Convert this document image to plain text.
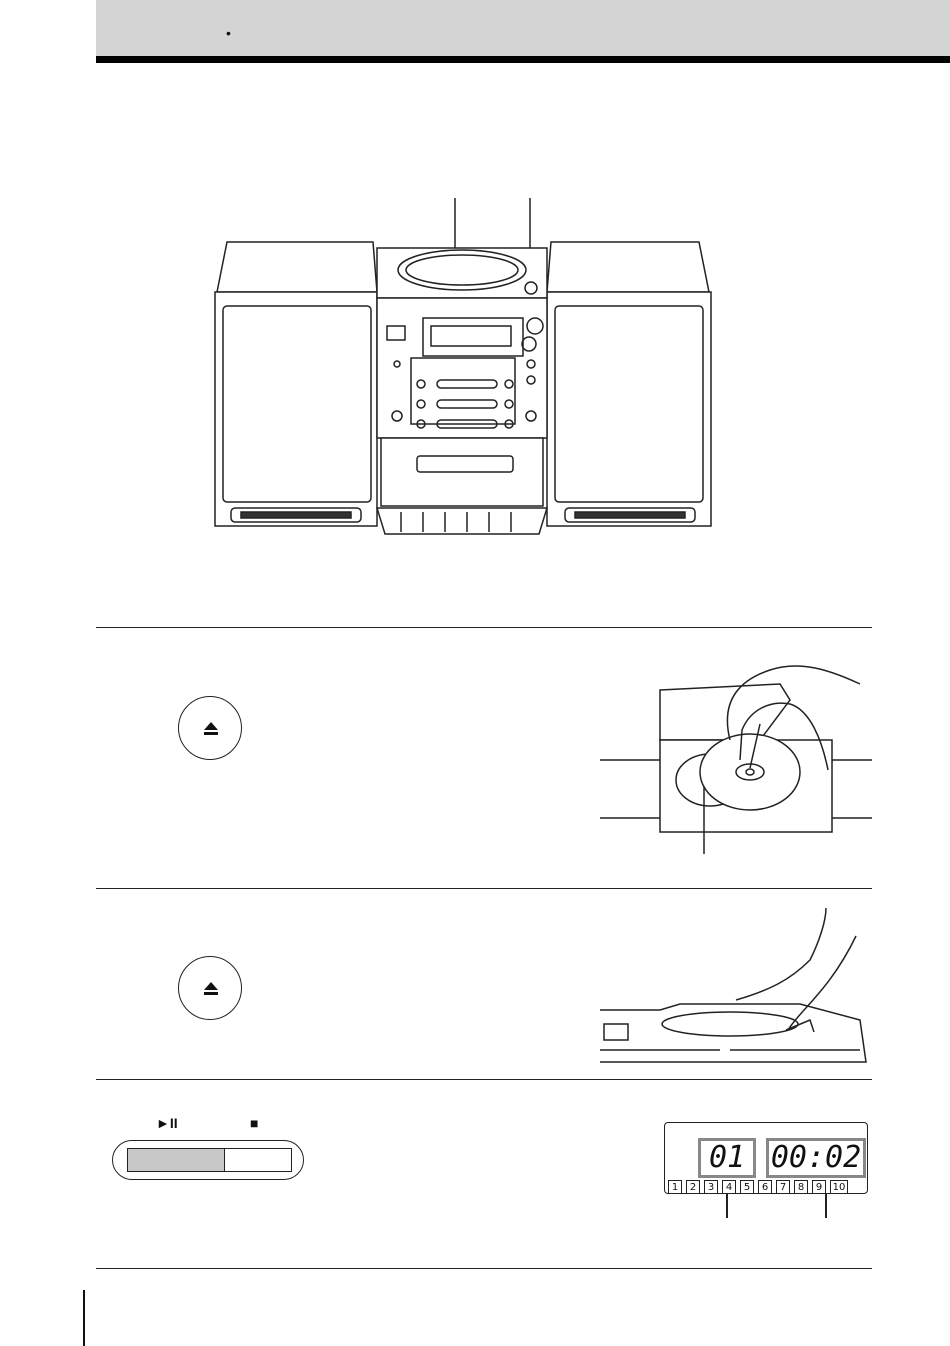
•
►II	■
01 00:02
1	2	3	4	5	6	7	8	9	10
